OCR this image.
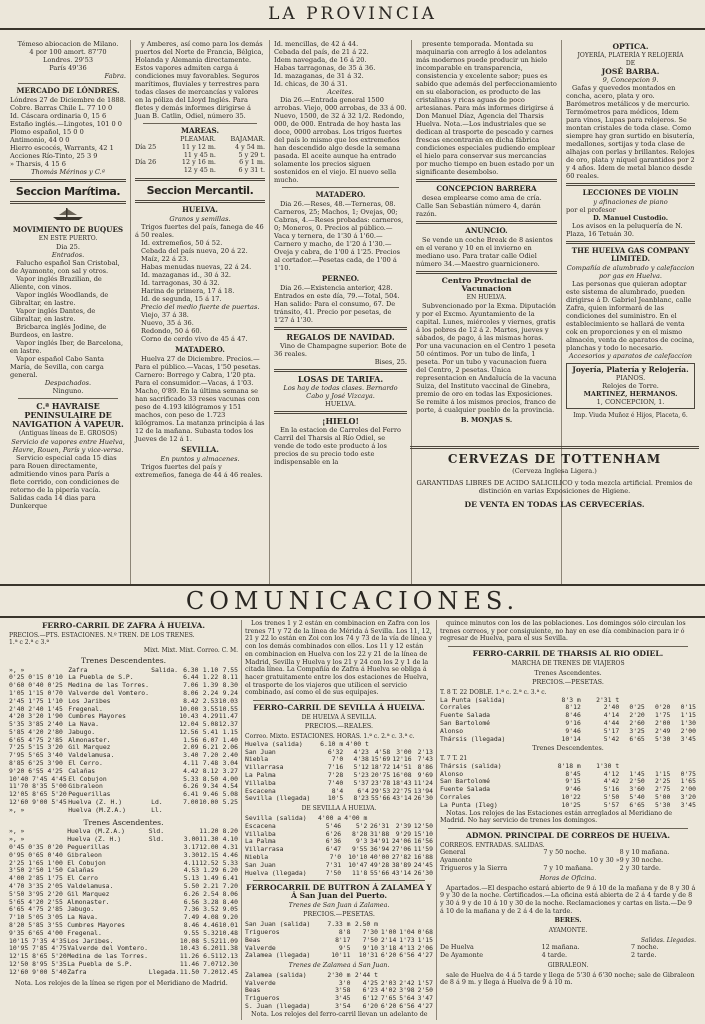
LA PROVINCIA
Témeso abiocacion de Milano.
4 por 100 amort. 87'70
Londres. 29'53
París 49'36
Fabra.
MERCADO DE LÓNDRES.
Lóndres 27 de Diciembre de 1888.
Cobre. Barras Chile L. 77 10 0
Id. Cáscara ordinaria 0, 15 6
Estaño inglés.—Lingotes, 101 0 0
Plomo español, 15 0 0
Antimonio, 44 0 0
Hierro escocés, Warrants, 42 1
Acciones Río-Tinto, 25 3 9
» Tharsis, 4 15 6
Thomás Mérinos y C.ª
Seccion Marítima.
MOVIMIENTO DE BUQUES
EN ESTE PUERTO.
Dia 25.
Entrados.

Falucho español San Cristobal, de Ayamonte, con sal y otros.

Vapor inglés Brazilian, de Aliente, con vinos.

Vapor inglés Woodlands, de Gibraltar, en lastre.

Vapor inglés Dantes, de Gibraltar, en lastre.

Bricbarca inglés Jodine, de Burdeos, en lastre.

Vapor inglés Iber, de Barcelona, en lastre.

Vapor español Cabo Santa María, de Sevilla, con carga general.

Despachados.
Ninguno.
C.ª HAVRAISE PENINSULAIRE DE NAVIGATION Á VAPEUR.
(Antiguas líneas de E. GROSOS)
Servicio de vapores entre Huelva, Havre, Rouen, París y vice-versa.

Servicio especial cada 15 dias para Rouen directamente, admitiendo vinos para París a flete corrido, con condiciones de retorno de la pipería vacía. Salidas cada 14 dias para Dunkerque

y Amberes, así como para los demás puertos del Norte de Francia, Bélgica, Holanda y Alemania directamente. Estos vapores admiten carga á condiciones muy favorables. Seguros marítimos, fluviales y terrestres para todas clases de mercancías y valores en la póliza del Lloyd Inglés. Para fletes y demás informes dirigirse á Juan B. Catlin, Odiel, número 35.

MAREAS.
	PLEAMAR.	BAJAMAR.
Día 25	11 y 12 m.	4 y 54 m.
	11 y 45 n.	5 y 29 t.
Día 26	12 y 16 m.	6 y 1 m.
	12 y 45 n.	6 y 31 t.
Seccion Mercantil.
HUELVA.
Granos y semillas.

Trigos fuertes del país, fanega de 46 á 50 reales.

Id. extremeños, 50 á 52.

Cebada del país nueva, 20 á 22.

Maíz, 22 á 23.

Habas menudas nuevas, 22 á 24.

Id. mazaganas id., 30 á 32.

Id. tarragonas, 30 á 32.

Harina de primera, 17 á 18.

Id. de segunda, 15 á 17.

Precio del medio fuerte de puertas.

Viejo, 37 á 38.

Nuevo, 35 á 36.

Redondo, 50 á 60.

Corno de cerdo vivo de 45 á 47.

MATADERO.

Huelva 27 de Diciembre. Precios.—Para el público.—Vacas, 1'50 pesetas. Carnero: Borrego y Cabra, 1'20 pta. Para el consumidor.—Vacas, á 1'03. Macho, 0'89. En la última semana se han sacrificado 33 reses vacunas con peso de 4.193 kilógramos y 151 machos, con peso de 1.723 kilógramos. La matanza principia á las 12 de la mañana. Subasta todos los Jueves de 12 á 1.

SEVILLA.
En puntos y almacenes.

Trigos fuertes del país y extremeños, fanega de 44 á 46 reales.

Id. mencillas, de 42 á 44.
Cebada del país, de 21 á 22.
Idem navegada, de 16 á 20.
Habas tarragonas, de 35 á 36.
Id. mazaganas, de 31 á 32.
Id. chicas, de 30 á 31.
Aceites.

Dia 26.—Entrada general 1500 arrobas. Viejo, 000 arrobas, de 33 á 00. Nuevo, 1500, de 32 á 32 1/2. Redondo, 000, de 000. Entrada de hoy hasta las doce, 0000 arrobas. Los trigos fuertes del país lo mismo que los extremeños han descendido algo desde la semana pasada. El aceite aunque ha entrado solamente los precios siguen sostenidos en el viejo. El nuevo sella mucho.

MATADERO.

Dia 26.—Reses, 48.—Terneras, 08. Carneros, 25; Machos, 1; Ovejas, 00; Cabras, 4.—Reses probadas: carneros, 0; Moneros, 0. Precios al público.—Vaca y ternera, de 1'30 á 1'60.—Carnero y macho, de 1'20 á 1'30.—Oveja y cabra, de 1'00 á 1'25. Precios al cortador.—Pesetas cada, de 1'00 á 1'10.

PERNEO.

Dia 26.—Existencia anterior, 428. Entrados en este día, 79.—Total, 504. Han salido: Para el consumo, 67. De tránsito, 41. Precio por pesetas, de 1'27 á 1'30.

REGALOS DE NAVIDAD.

Vino de Champagne superior. Bote de 36 reales.

Bises, 25.
LOSAS DE TARIFA.
Los hay de todas clases. Bernardo Cabo y José Vizcaya.
HUELVA.
¡HIELO!

En la estacion de Carroles del Ferro Carril del Tharsis al Río Odiel, se vende de todo este producto á los precios de su precio todo este indispensable en la

presente temporada. Montada su maquinaria con arreglo á los adelantos más modernos puede producir un hielo incomparable en transparencia, consistencia y excelente sabor; pues es sabido que además del perfeccionamiento en su elaboracion, es producto de las cristalinas y ricas aguas de poco artesianas. Para más informes dirigirse á Don Manuel Díaz, Agencia del Tharsis Huelva. Nota.—Los industriales que se dedican al trasporte de pescado y carnes frescas encontrarán en dicha fábrica condiciones especiales pudiendo emplear el hielo para conservar sus mercancías por mucho tiempo en buen estado por un significante desembolso.

CONCEPCION BARRERA

desea emplearse como ama de cría. Calle San Sebastián número 4, darán razón.

ANUNCIO.

Se vende un coche Break de 8 asientos en el verano y 10 en el invierno en mediano uso. Para tratar calle Odiel número 34.—Maestro guarnicionero.

Centro Provincial de Vacunacion
EN HUELVA.

Subvencionado por la Exma. Diputación y por el Excmo. Ayuntamiento de la capital. Lunes, miércoles y viernes, gratis á los pobres de 12 á 2. Martes, jueves y sábados, de pago, á las mismas horas. Por una vacunacion en el Centro 1 peseta 50 céntimos. Por un tubo de linfa, 1 peseta. Por un tubo y vacunacion fuera del Centro, 2 pesetas. Única representacion en Andalucía de la vacuna Suiza, del Instituto vaccinal de Ginebra, premio de oro en todas las Exposiciones. Se remite á los mismos precios, franco de porte, á cualquier pueblo de la provincia.

B. MONJAS S.
OPTICA.
JOYERÍA, PLATERÍA Y RELOJERÍA
DE
JOSÉ BARBA.
9, Concepcion 9.

Gafas y quevedos montados en concha, acero, plata y oro. Barómetros metálicos y de mercurio. Termómetros para médicos, Idem para vinos, Lupas para relojeros. Se montan cristales de toda clase. Como siempre hay gran surtido en bisutería, medallones, sortijas y toda clase de alhajas con perlas y brillantes. Relojes de oro, plata y níquel garantidos por 2 y 4 años. Idem de metal blanco desde 60 reales.

LECCIONES DE VIOLIN
y afinaciones de piano
por el profesor
D. Manuel Custodio.

Los avisos en la peluquería de N. Plaza, 16 Tetuán 30.

THE HUELVA GAS COMPANY LIMITED.
Compañía de alumbrado y calefaccion por gas en Huelva.

Las personas que quieran adoptar este sistema de alumbrado, pueden dirigirse á D. Gabriel Jeanblanc, calle Zafra, quien informará de las condiciones del suministro. En el establecimiento se hallará de venta cok en proporciones y en el mismo almacén, venta de aparatos de cocina, planchas y todo lo necesario.

Accesorios y aparatos de calefaccion
Joyería, Platería y Relojería.
PIANOS.
Relojes de Torre.
MARTINEZ, HERMANOS.
1, CONCEPCION, 1.
Imp. Viuda Muñoz é Hijos, Placeta, 6.
CERVEZAS DE TOTTENHAM
(Cerveza Inglesa Ligera.)
GARANTIDAS LIBRES DE ACIDO SALICILICO y toda mezcla artificial. Premios de distinción en varias Exposiciones de Higiene.
DE VENTA EN TODAS LAS CERVECERÍAS.
COMUNICACIONES.
FERRO-CARRIL DE ZAFRA Á HUELVA.
PRECIOS.—PTS. ESTACIONES. N.º TREN. DE LOS TRENES.
1.ª c 2.ª c 3.ª
Mixt. Mixt. Mixt. Correo. C. M.
Trenes Descendentes.
», »	Zafra	Salida.	6.30	1.10	7.55
0'25 0'15 0'10	La Puebla de S.P.		6.44	1.22	8.11
0'60 0'40 0'25	Medina de las Torres.		7.06	1.39	8.30
1'05 1'15 0'70	Valverde del Vomtero.		8.06	2.24	9.24
2'45 1'75 1'10	Los Jaribes		8.42	2.53	10.03
2'40 2'40 1'45	Fregenal.		10.00	3.55	10.55
4'20 3'20 1'90	Cumbres Mayores		10.43	4.29	11.47
5'35 3'85 2'40	La Nava.		12.04	5.08	12.37
5'85 4'20 2'80	Jabugo.		12.56	5.41	1.15
6'65 4'75 2'85	Almonaster.		1.56	6.07	1.40
7'25 5'15 3'20	Gil Marquez		2.09	6.21	2.06
7'95 5'65 3'40	Valdelamusa.		3.40	7.20	2.40
8'85 6'25 3'90	El Cerro.		4.11	7.48	3.04
9'20 6'55 4'25	Calañas		4.42	8.12	3.27
10'40 7'45 4'45	El Cobujon		5.33	8.50	4.00
11'70 8'35 5'00	Gibraleon		6.26	9.34	4.54
12'05 8'65 5'20	Peguerillas		6.41	9.46	5.08
12'60 9'00 5'45	Huelva (Z. H.)	Ld.	7.00	10.00	5.25
», »	Huelva (M.Z.A.)	Ll.			
Trenes Ascendentes.
», »	Huelva (M.Z.A.)	Sld.		11.20	8.20
», »	Huelva (Z. H.)	Sld.	3.00	11.30	4.10
0'45 0'35 0'20	Peguerillas		3.17	12.00	4.31
0'95 0'65 0'40	Gibraleon		3.30	12.15	4.46
2'25 1'65 1'00	El Cobujon		4.11	12.52	5.33
3'50 2'50 1'50	Calañas		4.53	1.29	6.20
4'00 2'85 1'75	El Cerro		5.13	1.49	6.41
4'70 3'35 2'05	Valdelamusa.		5.50	2.21	7.20
5'50 3'95 2'20	Gil Marquez		6.26	2.54	8.06
5'65 4'20 2'55	Almonaster.		6.56	3.28	8.40
6'65 4'75 2'85	Jabugo.		7.36	3.52	9.05
7'10 5'05 3'05	La Nava.		7.49	4.08	9.20
8'20 5'85 3'55	Cumbres Mayores		8.46	4.46	10.01
9'35 6'65 4'00	Fregenal.		9.55	5.32	10.48
10'15 7'35 4'35	Los Jaribes.		10.08	5.52	11.09
10'95 7'85 4'75	Valverde del Vomtero.		10.43	6.20	11.38
12'15 8'65 5'20	Medina de las Torres.		11.26	6.51	12.13
12'50 8'95 5'35	La Puebla de S.P.		11.46	7.07	12.30
12'60 9'00 5'40	Zafra	Llegada.	11.50	7.20	12.45

Nota. Los relojes de la línea se rigen por el Meridiano de Madrid.

Los trenes 1 y 2 están en combinacion en Zafra con los trenes 71 y 72 de la línea de Mérida á Sevilla. Los 11, 12, 21 y 22 lo están en Zoi con los 74 y 73 de la vía de línea y con los demás combinados con ellos. Los 11 y 12 están en combinacion en Huelva con los 22 y 21 de la línea de Madrid, Sevilla y Huelva y los 21 y 24 con los 2 y 1 de la citada línea. La Compañía de Zafra á Huelva se obliga á hacer gratuitamente entre los dos estaciones de Huelva, el trasporte de los viajeros que utilicen el servicio combinado, así como el de sus equipajes.

FERRO-CARRIL DE SEVILLA Á HUELVA.
DE HUELVA Á SEVILLA.
PRECIOS.—REALES.
Correo. Mixto. ESTACIONES. HORAS. 1.ª c. 2.ª c. 3.ª c.
Huelva (salida)	6.10 m	4'00 t			
San Juan	6'32	4'23	4'58	3'00	2'13
Niebla	7'0	4'38	15'69	12'16	7'43
Villarrasa	7'16	5'12	18'72	14'51	8'86
La Palma	7'28	5'23	20'75	16'08	9'69
Villalba	7'40	5'37	23'78	18'43	11'24
Escacena	8'4	6'4	29'53	22'75	13'94
Sevilla (llegada)	10'5	8'23	55'66	43'14	26'30
DE SEVILLA Á HUELVA.
Sevilla (salida)	4'00 a	4'00 m			
Escacena	5'46	5'2	26'31	2'39	12'50
Villalba	6'26	8'28	31'88	9'29	15'10
La Palma	6'36	9'3	34'91	24'06	16'56
Villarrasa	6'47	9'55	36'94	27'06	11'59
Niebla	7'0	10'10	40'00	27'82	16'88
San Juan	7'31	10'47	49'28	38'89	24'45
Huelva (llegada)	7'50	11'8	55'66	43'14	26'30
FERROCARRIL DE BUITRON Á ZALAMEA Y Á San Juan del Puerto.
Trenes de San Juan á Zalamea.
PRECIOS.—PESETAS.
San Juan (salida)	7.33 m	2.50 m			
Trigueros	8'8	7'30	1'00	1'04	0'68
Beas	8'17	7'50	2'14	1'73	1'15
Valverde	9'5	9'10	3'18	4'13	2'06
Zalamea (llegada)	10'11	10'31	6'20	6'56	4'27
Trenes de Zalamea á San Juan.
Zalamea (salida)	2'30 m	2'44 t			
Valverde	3'0	4'25	2'03	2'42	1'57
Beas	3'58	6'23	4'02	3'98	2'50
Trigueros	3'45	6'12	7'65	5'64	3'47
S. Juan (llegada)	3'54	6'20	6'20	6'56	4'27

Nota. Los relojes del ferro-carril llevan un adelanto de

quince minutos con los de las poblaciones. Los domingos sólo circulan los trenes correos, y por consiguiente, no hay en ese día combinacion para ir ó regresar de Huelva, para el sus Sevilla.

FERRO-CARRIL DE THARSIS AL RIO ODIEL.
MARCHA DE TRENES DE VIAJEROS
Trenes Ascendentes.
PRECIOS.—PESETAS.
T. 8 T. 22 DOBLE. 1.ª c. 2.ª c. 3.ª c.
La Punta (salida)	8'3 m	2'31 t			
Corrales	8'12	2'40	0'25	0'20	0'15
Fuente Salada	8'46	4'14	2'20	1'75	1'15
San Bartolomé	9'16	4'44	2'60	2'00	1'30
Alonso	9'46	5'17	3'25	2'49	2'00
Thársis (llegada)	10'14	5'42	6'65	5'30	3'45
Trenes Descendentes.
T. 7 T. 21
Thársis (salida)	8'18 m	1'30 t			
Alonso	8'45	4'12	1'45	1'15	0'75
San Bartolomé	9'15	4'42	2'50	2'25	1'65
Fuente Salada	9'46	5'16	3'60	2'75	2'00
Corrales	10'22	5'50	5'40	5'00	3'20
La Punta (Ileg)	10'25	5'57	6'65	5'30	3'45

Notas. Los relojes de las Estaciones están arreglados al Meridiano de Madrid. No hay servicio de trenes los domingos.

ADMON. PRINCIPAL DE CORREOS DE HUELVA.
CORREOS. ENTRADAS. SALIDAS.
General	7 y 50 noche.	8 y 10 mañana.
Ayamonte	10 y 30 »	9 y 30 noche.
Trigueros y la Sierra	7 y 10 mañana.	2 y 30 tarde.
Horas de Oficina.

Apartados.—El despacho estará abierto de 9 á 10 de la mañana y de 8 y 30 á 9 y 30 de la noche. Certificados.—La oficina está abierta de 2 á 4 tarde y de 8 y 30 á 9 y de 10 á 10 y 30 de la noche. Reclamaciones y cartas en lista.—De 9 á 10 de la mañana y de 2 á 4 de la tarde.

BERES.
AYAMONTE.
Salidas. Llegadas.
De Huelva	12 mañana.	7 noche.
De Ayamonte	4 tarde.	2 tarde.
GIBRALEON.

sale de Huelva de 4 á 5 tarde y llega de 5'30 á 6'30 noche; sale de Gibraleon de 8 á 9 m. y llega á Huelva de 9 á 10 m.
